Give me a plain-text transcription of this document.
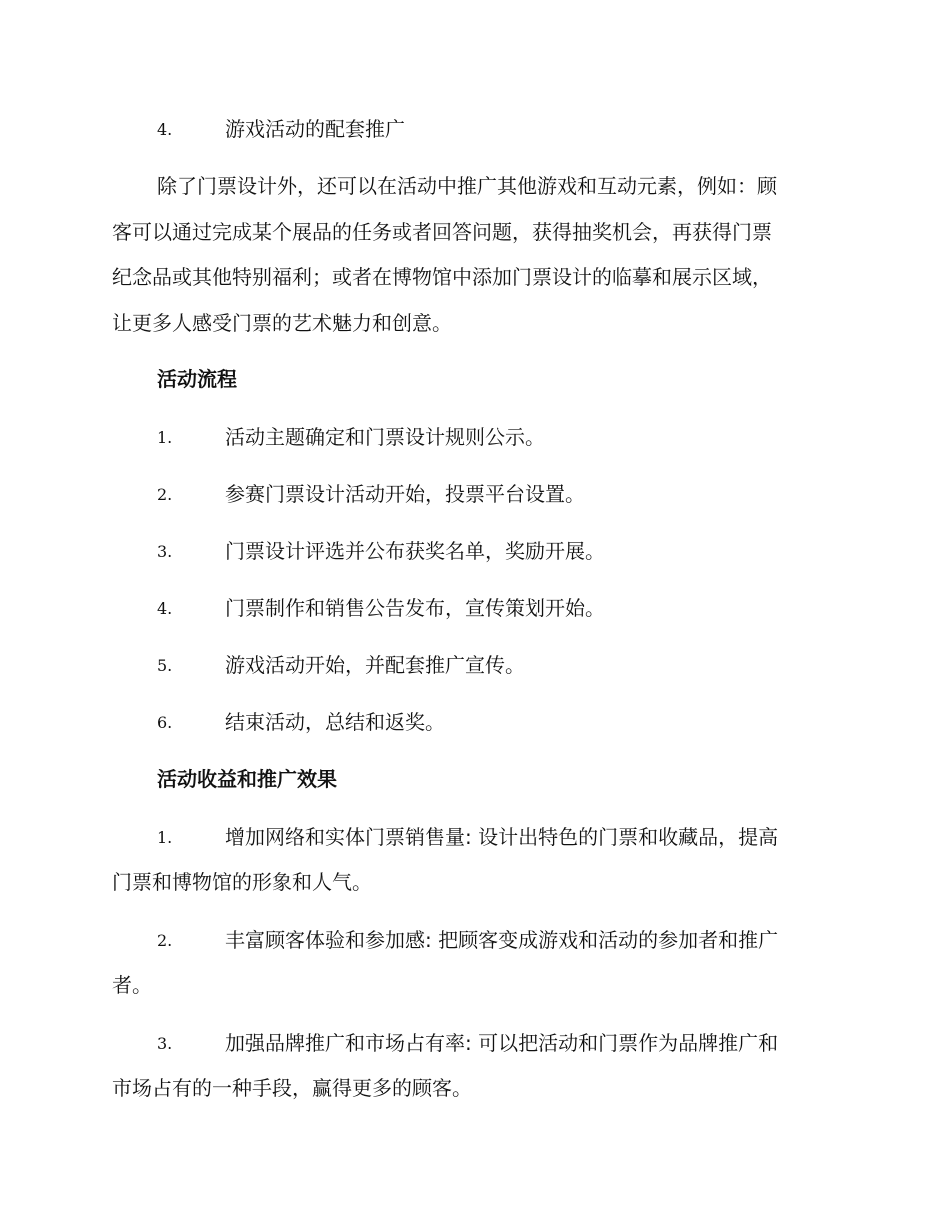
4.	游戏活动的配套推广
除了门票设计外，还可以在活动中推广其他游戏和互动元素，例如：顾
客可以通过完成某个展品的任务或者回答问题，获得抽奖机会，再获得门票
纪念品或其他特别福利；或者在博物馆中添加门票设计的临摹和展示区域，
让更多人感受门票的艺术魅力和创意。
活动流程
1.	活动主题确定和门票设计规则公示。
2.	参赛门票设计活动开始，投票平台设置。
3.	门票设计评选并公布获奖名单，奖励开展。
4.	门票制作和销售公告发布，宣传策划开始。
5.	游戏活动开始，并配套推广宣传。
6.	结束活动，总结和返奖。
活动收益和推广效果
1.	增加网络和实体门票销售量: 设计出特色的门票和收藏品，提高
门票和博物馆的形象和人气。
2.	丰富顾客体验和参加感: 把顾客变成游戏和活动的参加者和推广
者。
3.	加强品牌推广和市场占有率: 可以把活动和门票作为品牌推广和
市场占有的一种手段，赢得更多的顾客。
